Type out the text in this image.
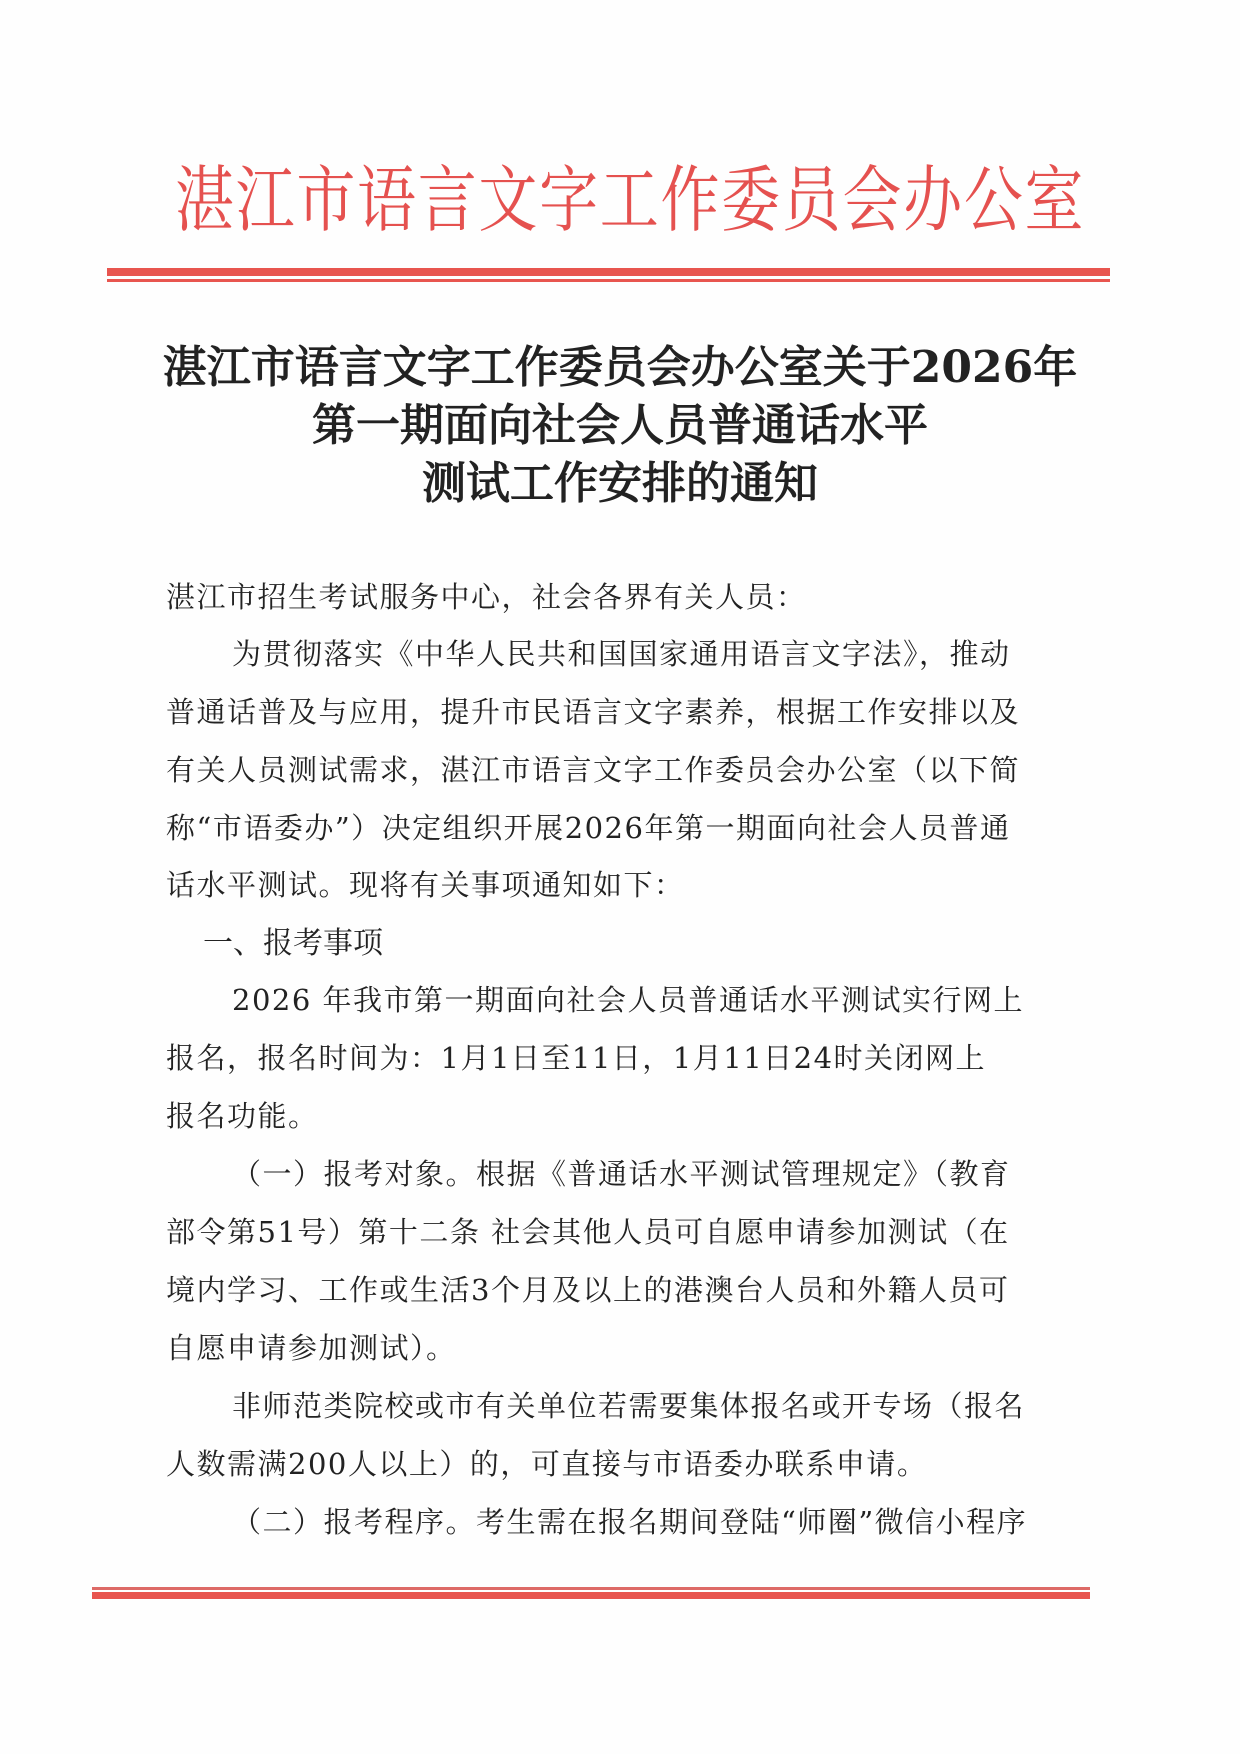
湛江市语言文字工作委员会办公室
湛江市语言文字工作委员会办公室关于2026年
第一期面向社会人员普通话水平
测试工作安排的通知
湛江市招生考试服务中心，社会各界有关人员：
为贯彻落实《中华人民共和国国家通用语言文字法》，推动
普通话普及与应用，提升市民语言文字素养，根据工作安排以及
有关人员测试需求，湛江市语言文字工作委员会办公室（以下简
称“市语委办”）决定组织开展2026年第一期面向社会人员普通
话水平测试。现将有关事项通知如下：
一、报考事项
2026 年我市第一期面向社会人员普通话水平测试实行网上
报名，报名时间为：1月1日至11日，1月11日24时关闭网上
报名功能。
（一）报考对象。根据《普通话水平测试管理规定》（教育
部令第51号）第十二条 社会其他人员可自愿申请参加测试（在
境内学习、工作或生活3个月及以上的港澳台人员和外籍人员可
自愿申请参加测试）。
非师范类院校或市有关单位若需要集体报名或开专场（报名
人数需满200人以上）的，可直接与市语委办联系申请。
（二）报考程序。考生需在报名期间登陆“师圈”微信小程序
